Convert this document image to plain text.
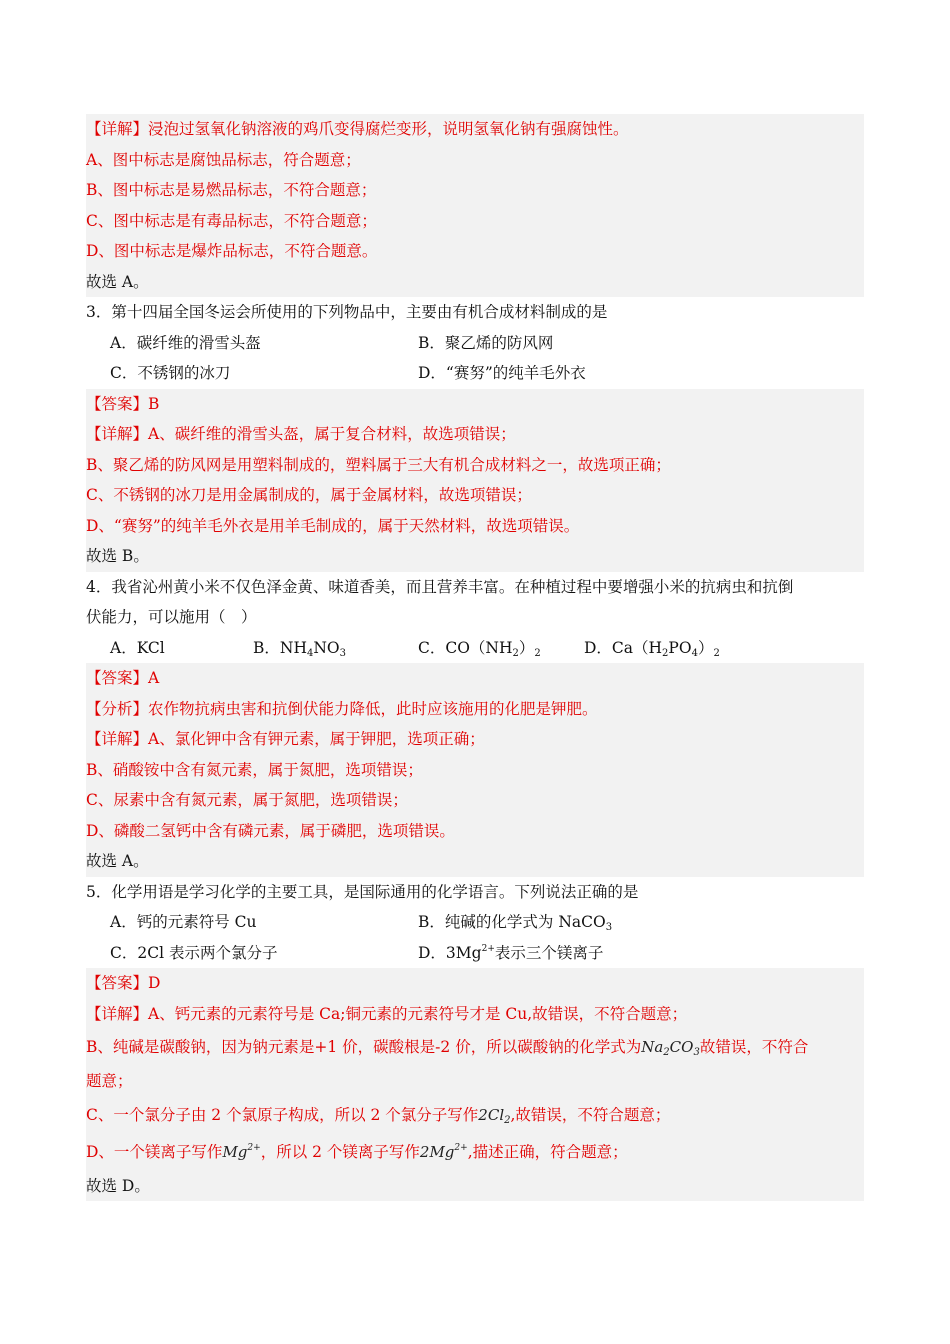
【详解】浸泡过氢氧化钠溶液的鸡爪变得腐烂变形，说明氢氧化钠有强腐蚀性。
A、图中标志是腐蚀品标志，符合题意；
B、图中标志是易燃品标志，不符合题意；
C、图中标志是有毒品标志，不符合题意；
D、图中标志是爆炸品标志，不符合题意。
故选 A。
3．第十四届全国冬运会所使用的下列物品中，主要由有机合成材料制成的是
A．碳纤维的滑雪头盔	B．聚乙烯的防风网
C．不锈钢的冰刀	D．“赛努”的纯羊毛外衣
【答案】B
【详解】A、碳纤维的滑雪头盔，属于复合材料，故选项错误；
B、聚乙烯的防风网是用塑料制成的，塑料属于三大有机合成材料之一，故选项正确；
C、不锈钢的冰刀是用金属制成的，属于金属材料，故选项错误；
D、“赛努”的纯羊毛外衣是用羊毛制成的，属于天然材料，故选项错误。
故选 B。
4．我省沁州黄小米不仅色泽金黄、味道香美，而且营养丰富。在种植过程中要增强小米的抗病虫和抗倒
伏能力，可以施用（　）
A．KCl	B．$NH_4NO_3$	C．$CO(NH_2)_2$	D．$Ca(H_2PO_4)_2$
【答案】A
【分析】农作物抗病虫害和抗倒伏能力降低，此时应该施用的化肥是钾肥。
【详解】A、氯化钾中含有钾元素，属于钾肥，选项正确；
B、硝酸铵中含有氮元素，属于氮肥，选项错误；
C、尿素中含有氮元素，属于氮肥，选项错误；
D、磷酸二氢钙中含有磷元素，属于磷肥，选项错误。
故选 A。
5．化学用语是学习化学的主要工具，是国际通用的化学语言。下列说法正确的是
A．钙的元素符号 Cu	B．纯碱的化学式为 NaCO$_3$
C．2Cl 表示两个氯分子	D．$3Mg^{2+}$表示三个镁离子
【答案】D
【详解】A、钙元素的元素符号是 Ca;铜元素的元素符号才是 Cu,故错误，不符合题意；
B、纯碱是碳酸钠，因为钠元素是+1 价，碳酸根是-2 价，所以碳酸钠的化学式为$Na_2CO_3$故错误，不符合
题意；
C、一个氯分子由 2 个氯原子构成，所以 2 个氯分子写作$2Cl_2$,故错误，不符合题意；
D、一个镁离子写作$Mg^{2+}$，所以 2 个镁离子写作$2Mg^{2+}$,描述正确，符合题意；
故选 D。
